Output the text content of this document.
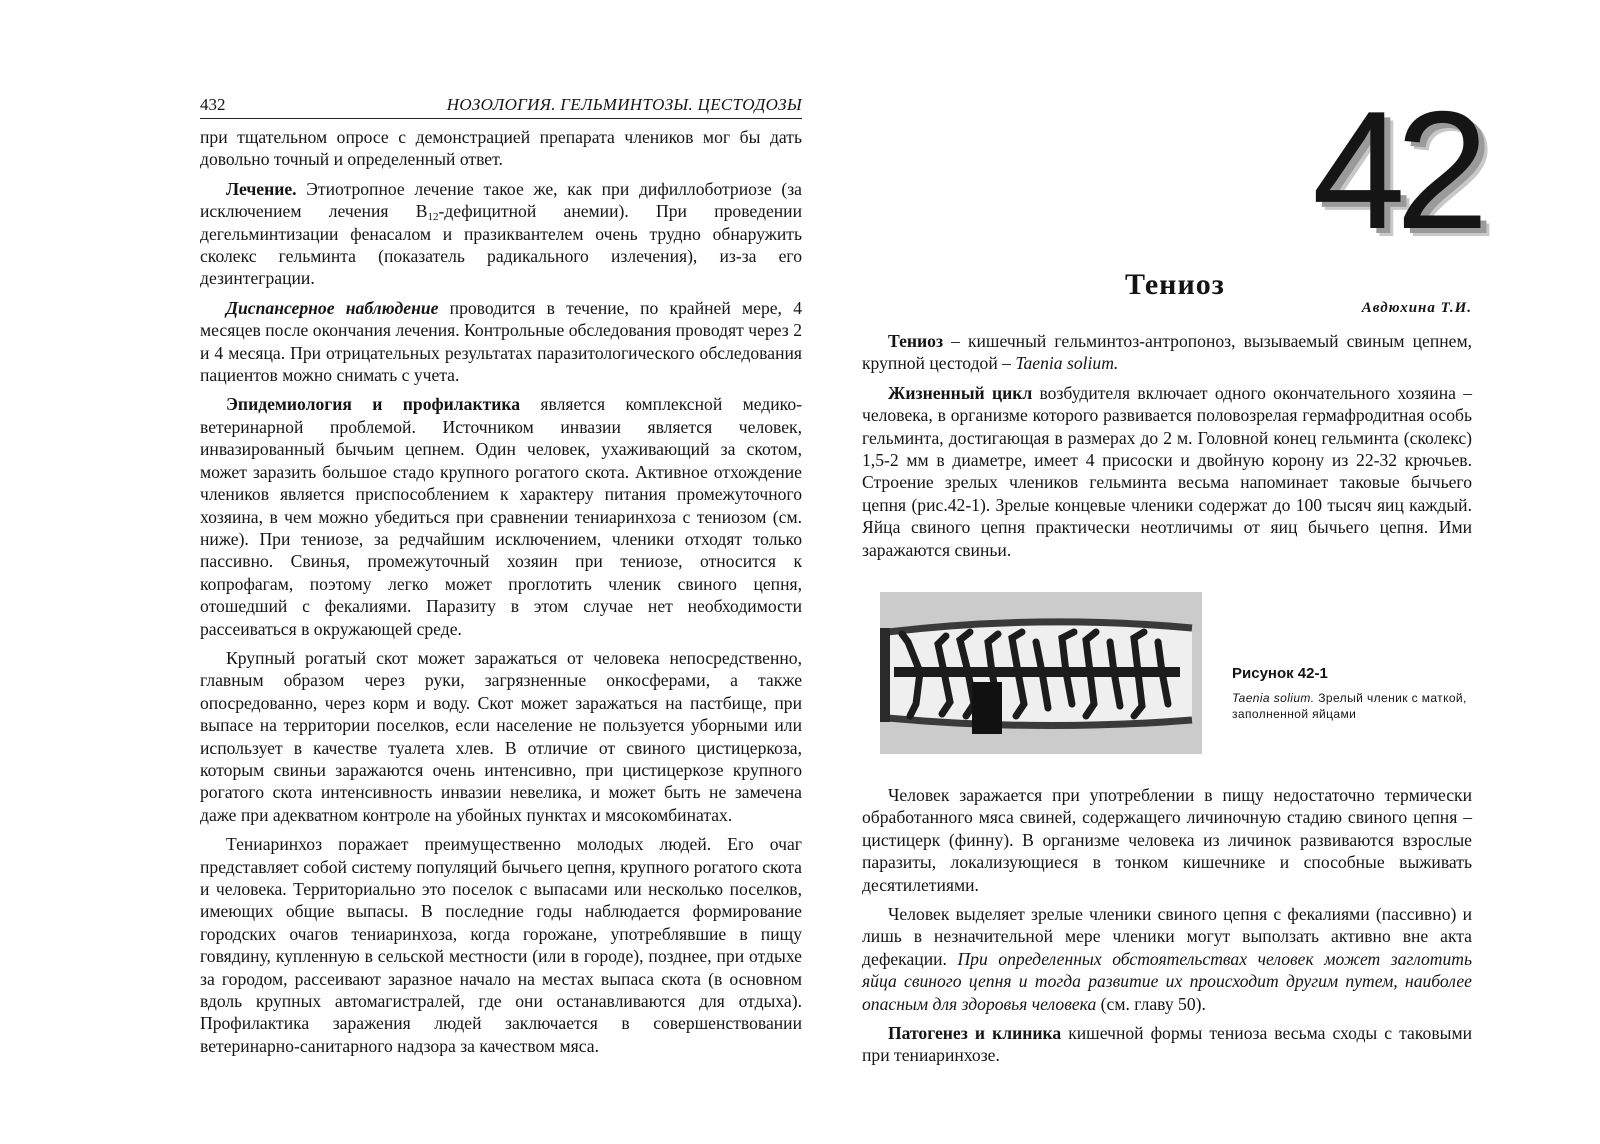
432	НОЗОЛОГИЯ. ГЕЛЬМИНТОЗЫ. ЦЕСТОДОЗЫ

при тщательном опросе с демонстрацией препарата члеников мог бы дать довольно точный и определенный ответ.

Лечение. Этиотропное лечение такое же, как при дифиллоботриозе (за исключением лечения $B_{12}$-дефицитной анемии). При проведении дегельминтизации фенасалом и празиквантелем очень трудно обнаружить сколекс гельминта (показатель радикального излечения), из-за его дезинтеграции.

Диспансерное наблюдение проводится в течение, по крайней мере, 4 месяцев после окончания лечения. Контрольные обследования проводят через 2 и 4 месяца. При отрицательных результатах паразитологического обследования пациентов можно снимать с учета.

Эпидемиология и профилактика является комплексной медико-ветеринарной проблемой. Источником инвазии является человек, инвазированный бычьим цепнем. Один человек, ухаживающий за скотом, может заразить большое стадо крупного рогатого скота. Активное отхождение члеников является приспособлением к характеру питания промежуточного хозяина, в чем можно убедиться при сравнении тениаринхоза с тениозом (см. ниже). При тениозе, за редчайшим исключением, членики отходят только пассивно. Свинья, промежуточный хозяин при тениозе, относится к копрофагам, поэтому легко может проглотить членик свиного цепня, отошедший с фекалиями. Паразиту в этом случае нет необходимости рассеиваться в окружающей среде.

Крупный рогатый скот может заражаться от человека непосредственно, главным образом через руки, загрязненные онкосферами, а также опосредованно, через корм и воду. Скот может заражаться на пастбище, при выпасе на территории поселков, если население не пользуется уборными или использует в качестве туалета хлев. В отличие от свиного цистицеркоза, которым свиньи заражаются очень интенсивно, при цистицеркозе крупного рогатого скота интенсивность инвазии невелика, и может быть не замечена даже при адекватном контроле на убойных пунктах и мясокомбинатах.

Тениаринхоз поражает преимущественно молодых людей. Его очаг представляет собой систему популяций бычьего цепня, крупного рогатого скота и человека. Территориально это поселок с выпасами или несколько поселков, имеющих общие выпасы. В последние годы наблюдается формирование городских очагов тениаринхоза, когда горожане, употреблявшие в пищу говядину, купленную в сельской местности (или в городе), позднее, при отдыхе за городом, рассеивают заразное начало на местах выпаса скота (в основном вдоль крупных автомагистралей, где они останавливаются для отдыха). Профилактика заражения людей заключается в совершенствовании ветеринарно-санитарного надзора за качеством мяса.

42
Тениоз
Авдюхина Т.И.

Тениоз – кишечный гельминтоз-антропоноз, вызываемый свиным цепнем, крупной цестодой – Taenia solium.

Жизненный цикл возбудителя включает одного окончательного хозяина – человека, в организме которого развивается половозрелая гермафродитная особь гельминта, достигающая в размерах до 2 м. Головной конец гельминта (сколекс) 1,5-2 мм в диаметре, имеет 4 присоски и двойную корону из 22-32 крючьев. Строение зрелых члеников гельминта весьма напоминает таковые бычьего цепня (рис.42-1). Зрелые концевые членики содержат до 100 тысяч яиц каждый. Яйца свиного цепня практически неотличимы от яиц бычьего цепня. Ими заражаются свиньи.

Рисунок 42-1
Taenia solium. Зрелый членик с маткой, заполненной яйцами

Человек заражается при употреблении в пищу недостаточно термически обработанного мяса свиней, содержащего личиночную стадию свиного цепня – цистицерк (финну). В организме человека из личинок развиваются взрослые паразиты, локализующиеся в тонком кишечнике и способные выживать десятилетиями.

Человек выделяет зрелые членики свиного цепня с фекалиями (пассивно) и лишь в незначительной мере членики могут выползать активно вне акта дефекации. При определенных обстоятельствах человек может заглотить яйца свиного цепня и тогда развитие их происходит другим путем, наиболее опасным для здоровья человека (см. главу 50).

Патогенез и клиника кишечной формы тениоза весьма сходы с таковыми при тениаринхозе.
